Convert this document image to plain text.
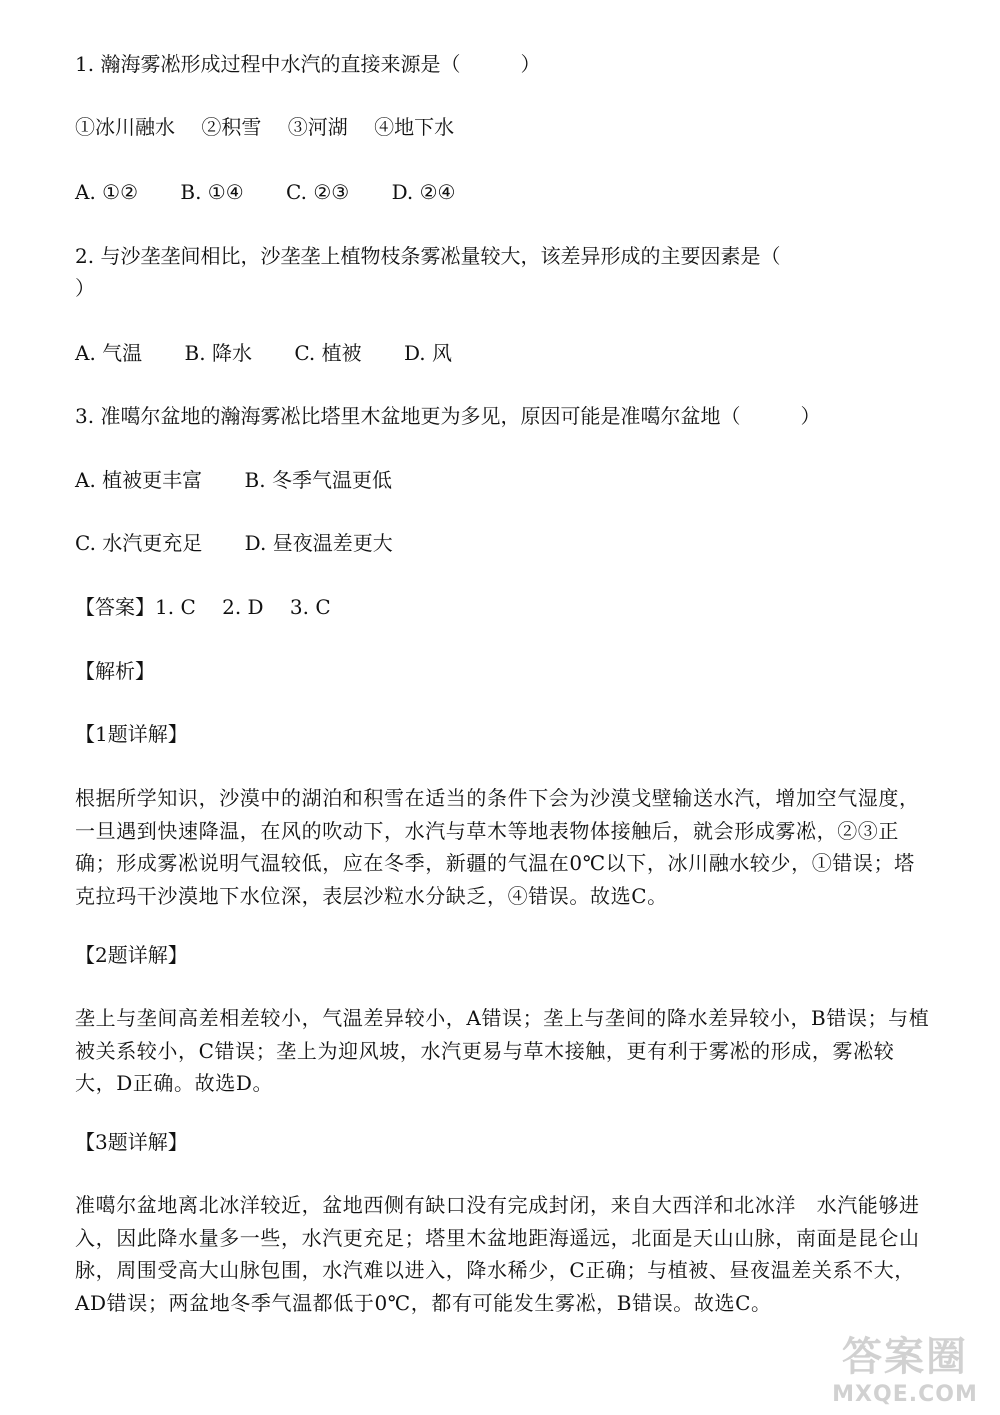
1. 瀚海雾凇形成过程中水汽的直接来源是（　　　）
①冰川融水　 ②积雪　 ③河湖　 ④地下水
A. ①② B. ①④ C. ②③ D. ②④
2. 与沙垄垄间相比，沙垄垄上植物枝条雾凇量较大，该差异形成的主要因素是（
）
A. 气温 B. 降水 C. 植被 D. 风
3. 准噶尔盆地的瀚海雾凇比塔里木盆地更为多见，原因可能是准噶尔盆地（　　　）
A. 植被更丰富 B. 冬季气温更低
C. 水汽更充足 D. 昼夜温差更大
【答案】1. C　 2. D　 3. C
【解析】
【1题详解】
根据所学知识，沙漠中的湖泊和积雪在适当的条件下会为沙漠戈壁输送水汽，增加空气湿度，一旦遇到快速降温，在风的吹动下，水汽与草木等地表物体接触后，就会形成雾凇，②③正确；形成雾凇说明气温较低，应在冬季，新疆的气温在0℃以下，冰川融水较少，①错误；塔克拉玛干沙漠地下水位深，表层沙粒水分缺乏，④错误。故选C。
【2题详解】
垄上与垄间高差相差较小，气温差异较小，A错误；垄上与垄间的降水差异较小，B错误；与植被关系较小，C错误；垄上为迎风坡，水汽更易与草木接触，更有利于雾凇的形成，雾凇较大，D正确。故选D。
【3题详解】
准噶尔盆地离北冰洋较近，盆地西侧有缺口没有完成封闭，来自大西洋和北冰洋　水汽能够进入，因此降水量多一些，水汽更充足；塔里木盆地距海遥远，北面是天山山脉，南面是昆仑山脉，周围受高大山脉包围，水汽难以进入，降水稀少，C正确；与植被、昼夜温差关系不大，AD错误；两盆地冬季气温都低于0℃，都有可能发生雾凇，B错误。故选C。
答案圈
MXQE.COM
